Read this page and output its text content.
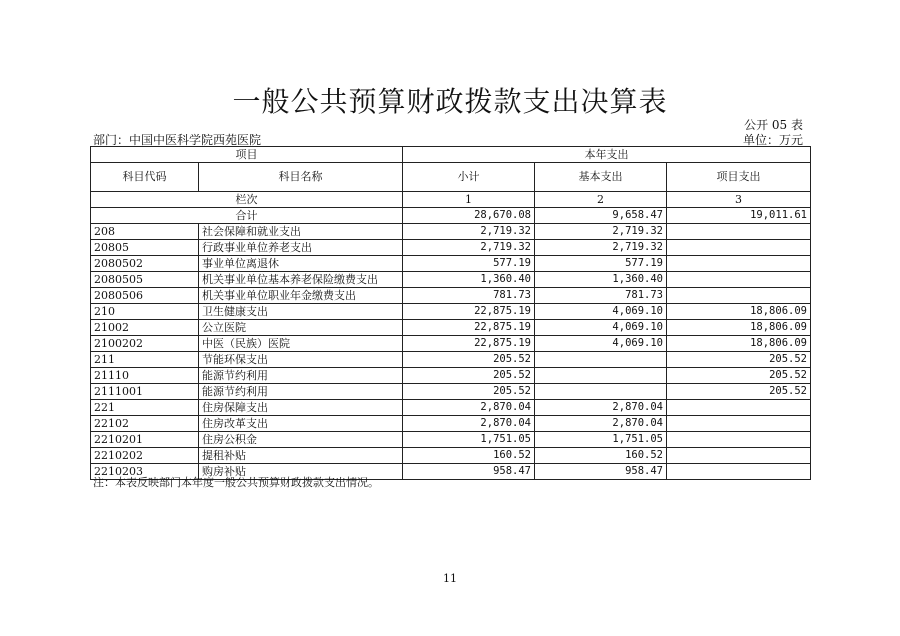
一般公共预算财政拨款支出决算表
公开 05 表
部门：中国中医科学院西苑医院	单位：万元
项目		本年支出		
科目代码	科目名称	小计	基本支出	项目支出
栏次		1	2	3
合计		28,670.08	9,658.47	19,011.61
208	社会保障和就业支出	2,719.32	2,719.32	
20805	行政事业单位养老支出	2,719.32	2,719.32	
2080502	事业单位离退休	577.19	577.19	
2080505	机关事业单位基本养老保险缴费支出	1,360.40	1,360.40	
2080506	机关事业单位职业年金缴费支出	781.73	781.73	
210	卫生健康支出	22,875.19	4,069.10	18,806.09
21002	公立医院	22,875.19	4,069.10	18,806.09
2100202	中医（民族）医院	22,875.19	4,069.10	18,806.09
211	节能环保支出	205.52		205.52
21110	能源节约利用	205.52		205.52
2111001	能源节约利用	205.52		205.52
221	住房保障支出	2,870.04	2,870.04	
22102	住房改革支出	2,870.04	2,870.04	
2210201	住房公积金	1,751.05	1,751.05	
2210202	提租补贴	160.52	160.52	
2210203	购房补贴	958.47	958.47	
注：本表反映部门本年度一般公共预算财政拨款支出情况。
11
